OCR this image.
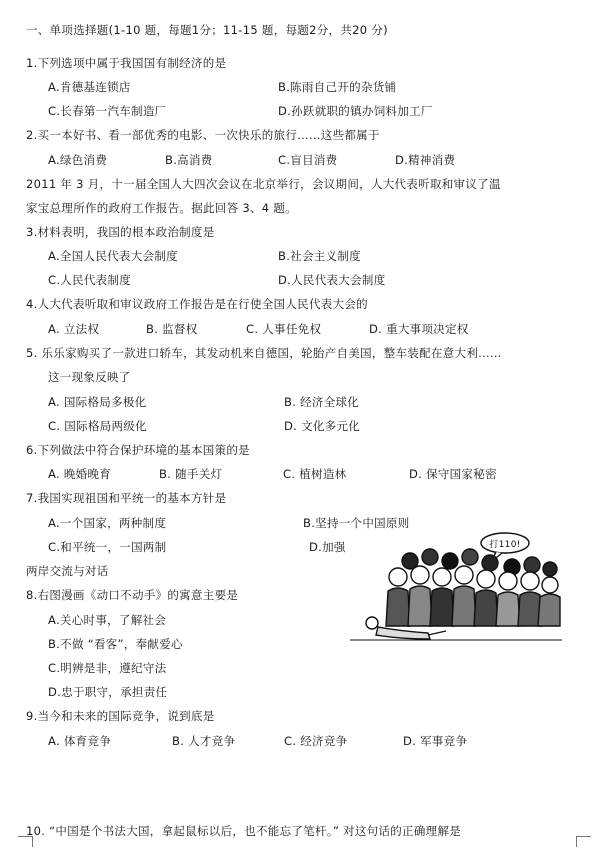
一、单项选择题(1-10 题，每题1分；11-15 题，每题2分，共20 分)
1.下列选项中属于我国国有制经济的是
A.肯德基连锁店	B.陈雨自己开的杂货铺
C.长春第一汽车制造厂	D.孙跃就职的镇办饲料加工厂
2.买一本好书、看一部优秀的电影、一次快乐的旅行……这些都属于
A.绿色消费	B.高消费	C.盲目消费	D.精神消费
2011 年 3 月，十一届全国人大四次会议在北京举行，会议期间，人大代表听取和审议了温
家宝总理所作的政府工作报告。据此回答 3、4 题。
3.材料表明，我国的根本政治制度是
A.全国人民代表大会制度	B.社会主义制度
C.人民代表制度	D.人民代表大会制度
4.人大代表听取和审议政府工作报告是在行使全国人民代表大会的
A. 立法权	B. 监督权	C. 人事任免权	D. 重大事项决定权
5. 乐乐家购买了一款进口轿车，其发动机来自德国，轮胎产自美国，整车装配在意大利……
这一现象反映了
A. 国际格局多极化	B. 经济全球化
C. 国际格局两级化	D. 文化多元化
6.下列做法中符合保护环境的基本国策的是
A. 晚婚晚育	B. 随手关灯	C. 植树造林	D. 保守国家秘密
7.我国实现祖国和平统一的基本方针是
A.一个国家，两种制度	B.坚持一个中国原则
C.和平统一，一国两制	D.加强
两岸交流与对话
8.右图漫画《动口不动手》的寓意主要是
A.关心时事，了解社会
B.不做 “看客”，奉献爱心
C.明辨是非，遵纪守法
D.忠于职守，承担责任
打110!
9.当今和未来的国际竞争，说到底是
A. 体育竞争	B. 人才竞争	C. 经济竞争	D. 军事竞争
10. “中国是个书法大国，拿起鼠标以后，也不能忘了笔杆。” 对这句话的正确理解是
